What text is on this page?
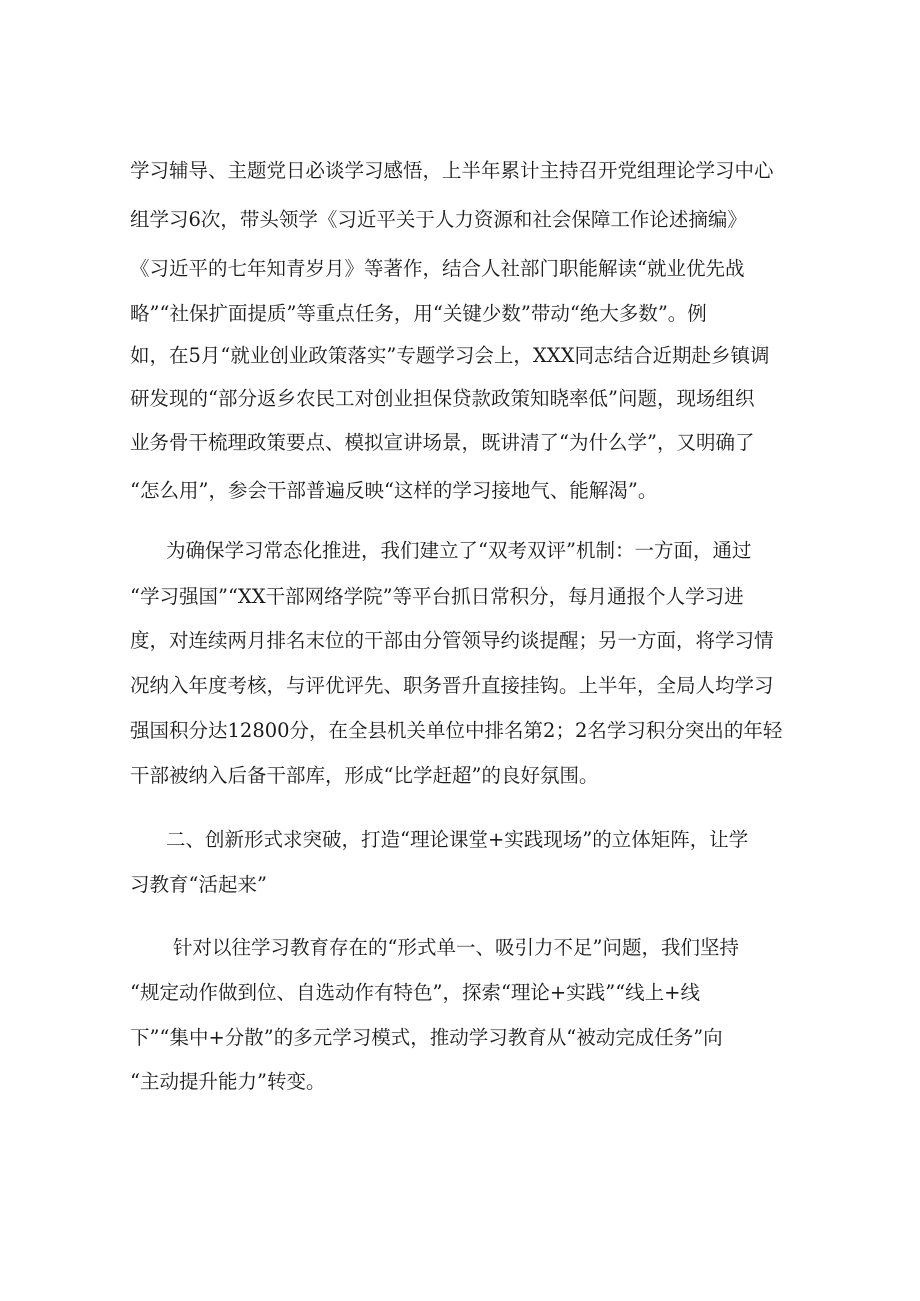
学习辅导、主题党日必谈学习感悟，上半年累计主持召开党组理论学习中心
组学习6次，带头领学《习近平关于人力资源和社会保障工作论述摘编》
《习近平的七年知青岁月》等著作，结合人社部门职能解读“就业优先战
略”“社保扩面提质”等重点任务，用“关键少数”带动“绝大多数”。例
如，在5月“就业创业政策落实”专题学习会上，XXX同志结合近期赴乡镇调
研发现的“部分返乡农民工对创业担保贷款政策知晓率低”问题，现场组织
业务骨干梳理政策要点、模拟宣讲场景，既讲清了“为什么学”，又明确了
“怎么用”，参会干部普遍反映“这样的学习接地气、能解渴”。
为确保学习常态化推进，我们建立了“双考双评”机制：一方面，通过
“学习强国”“XX干部网络学院”等平台抓日常积分，每月通报个人学习进
度，对连续两月排名末位的干部由分管领导约谈提醒；另一方面，将学习情
况纳入年度考核，与评优评先、职务晋升直接挂钩。上半年，全局人均学习
强国积分达12800分，在全县机关单位中排名第2；2名学习积分突出的年轻
干部被纳入后备干部库，形成“比学赶超”的良好氛围。
二、创新形式求突破，打造“理论课堂+实践现场”的立体矩阵，让学
习教育“活起来”
针对以往学习教育存在的“形式单一、吸引力不足”问题，我们坚持
“规定动作做到位、自选动作有特色”，探索“理论+实践”“线上+线
下”“集中+分散”的多元学习模式，推动学习教育从“被动完成任务”向
“主动提升能力”转变。
